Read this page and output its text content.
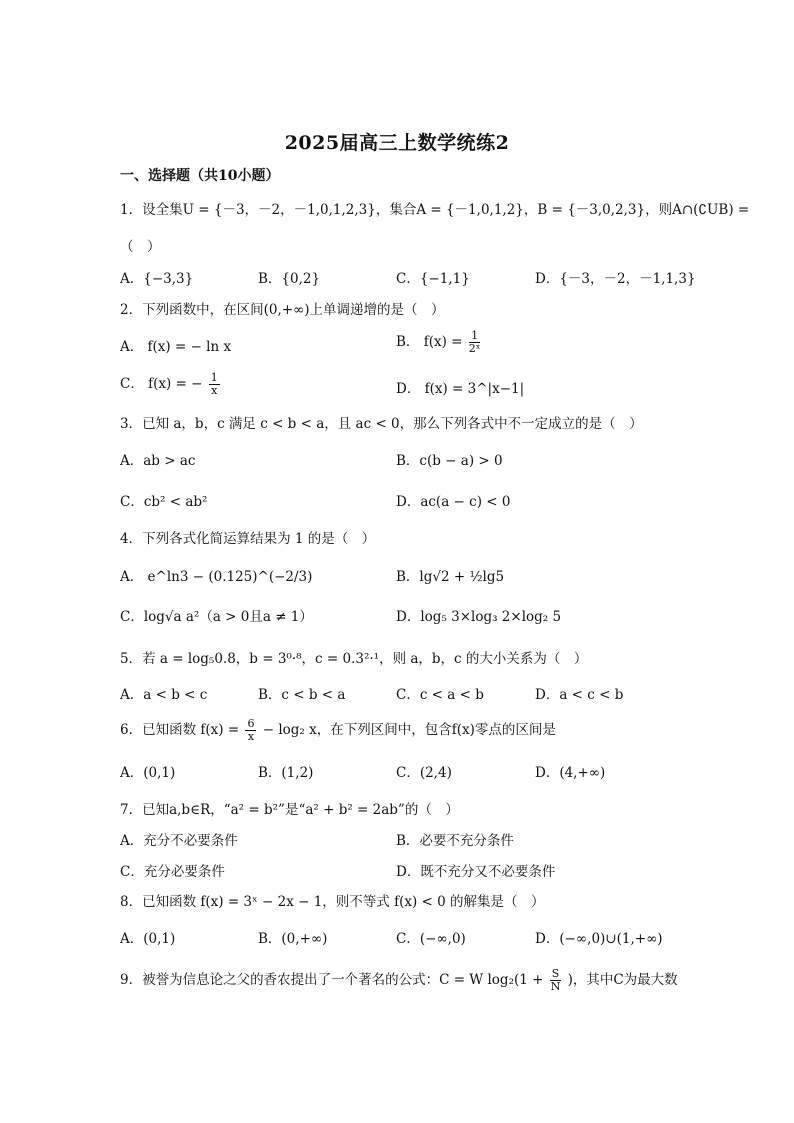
2025届高三上数学统练2
一、选择题（共10小题）
1．设全集U = {－3，－2，－1,0,1,2,3}，集合A = {－1,0,1,2}，B = {－3,0,2,3}，则A∩(∁UB) =
（　）
A．{−3,3}	B．{0,2}	C．{−1,1}	D．{－3，－2，－1,1,3}
2．下列函数中，在区间(0,+∞)上单调递增的是（　）
A． f(x) = − ln x	B． $f(x) = \frac{1}{\text{2ˣ}}$
C． f(x) = − $\frac{1}{x}$	D． f(x) = 3^|x−1|
3．已知 a，b，c 满足 c < b < a，且 ac < 0，那么下列各式中不一定成立的是（　）
A．ab > ac	B．c(b − a) > 0
C．cb² < ab²	D．ac(a − c) < 0
4．下列各式化简运算结果为 1 的是（　）
A． e^ln3 − (0.125)^(−2/3)	B．lg√2 + ½lg5
C．log√a a²（a > 0且a ≠ 1）	D．log₅ 3×log₃ 2×log₂ 5
5．若 a = log₅0.8，b = 3⁰·⁸，c = 0.3²·¹，则 a，b，c 的大小关系为（　）
A．a < b < c	B．c < b < a	C．c < a < b	D．a < c < b
6．已知函数 $f(x) = \frac{6}{x} - \log_2$ x，在下列区间中，包含f(x)零点的区间是
A．(0,1)	B．(1,2)	C．(2,4)	D．(4,+∞)
7．已知a,b∈R，“a² = b²”是“a² + b² = 2ab”的（　）
A．充分不必要条件	B．必要不充分条件
C．充分必要条件	D．既不充分又不必要条件
8．已知函数 f(x) = 3ˣ − 2x − 1，则不等式 f(x) < 0 的解集是（　）
A．(0,1)	B．(0,+∞)	C．(−∞,0)	D．(−∞,0)∪(1,+∞)
9．被誉为信息论之父的香农提出了一个著名的公式：C = W $\log_2(1 + \frac{S}{N}$ )，其中C为最大数
